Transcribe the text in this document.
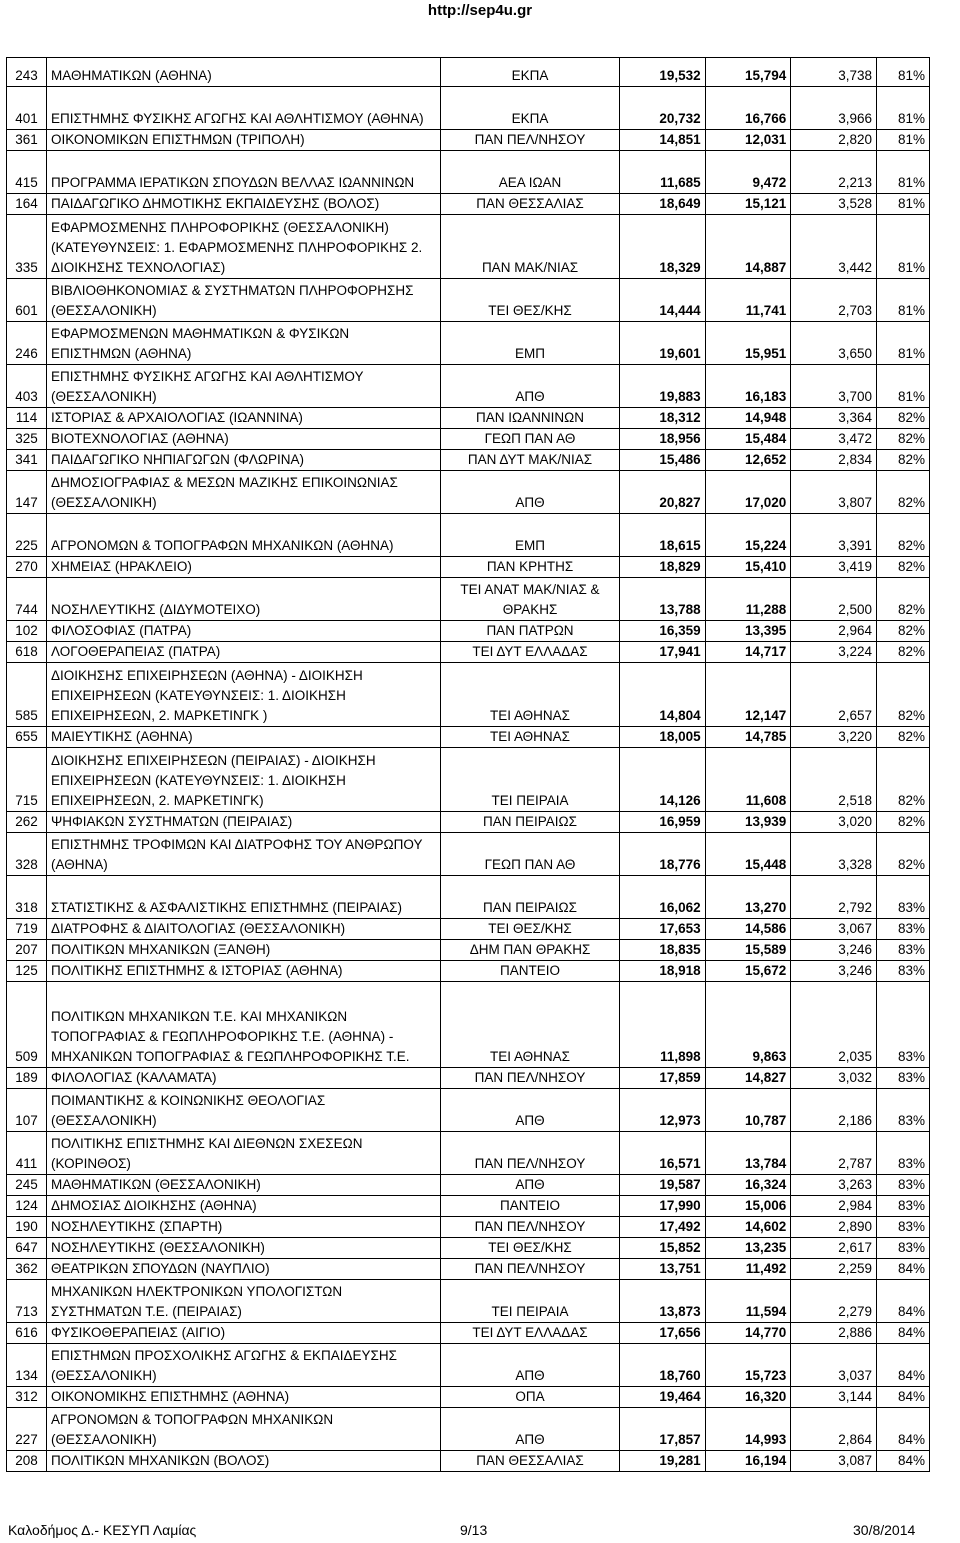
http://sep4u.gr
243	ΜΑΘΗΜΑΤΙΚΩΝ (ΑΘΗΝΑ)	ΕΚΠΑ	19,532	15,794	3,738	81%
401	ΕΠΙΣΤΗΜΗΣ ΦΥΣΙΚΗΣ ΑΓΩΓΗΣ ΚΑΙ ΑΘΛΗΤΙΣΜΟΥ (ΑΘΗΝΑ)	ΕΚΠΑ	20,732	16,766	3,966	81%
361	ΟΙΚΟΝΟΜΙΚΩΝ ΕΠΙΣΤΗΜΩΝ (ΤΡΙΠΟΛΗ)	ΠΑΝ ΠΕΛ/ΝΗΣΟΥ	14,851	12,031	2,820	81%
415	ΠΡΟΓΡΑΜΜΑ ΙΕΡΑΤΙΚΩΝ ΣΠΟΥΔΩΝ ΒΕΛΛΑΣ ΙΩΑΝΝΙΝΩΝ	ΑΕΑ ΙΩΑΝ	11,685	9,472	2,213	81%
164	ΠΑΙΔΑΓΩΓΙΚΟ ΔΗΜΟΤΙΚΗΣ ΕΚΠΑΙΔΕΥΣΗΣ (ΒΟΛΟΣ)	ΠΑΝ ΘΕΣΣΑΛΙΑΣ	18,649	15,121	3,528	81%
335	ΕΦΑΡΜΟΣΜΕΝΗΣ ΠΛΗΡΟΦΟΡΙΚΗΣ (ΘΕΣΣΑΛΟΝΙΚΗ)
(ΚΑΤΕΥΘΥΝΣΕΙΣ: 1. ΕΦΑΡΜΟΣΜΕΝΗΣ ΠΛΗΡΟΦΟΡΙΚΗΣ 2.
ΔΙΟΙΚΗΣΗΣ ΤΕΧΝΟΛΟΓΙΑΣ)	ΠΑΝ ΜΑΚ/ΝΙΑΣ	18,329	14,887	3,442	81%
601	ΒΙΒΛΙΟΘΗΚΟΝΟΜΙΑΣ & ΣΥΣΤΗΜΑΤΩΝ ΠΛΗΡΟΦΟΡΗΣΗΣ
(ΘΕΣΣΑΛΟΝΙΚΗ)	ΤΕΙ ΘΕΣ/ΚΗΣ	14,444	11,741	2,703	81%
246	ΕΦΑΡΜΟΣΜΕΝΩΝ ΜΑΘΗΜΑΤΙΚΩΝ & ΦΥΣΙΚΩΝ
ΕΠΙΣΤΗΜΩΝ (ΑΘΗΝΑ)	ΕΜΠ	19,601	15,951	3,650	81%
403	ΕΠΙΣΤΗΜΗΣ ΦΥΣΙΚΗΣ ΑΓΩΓΗΣ ΚΑΙ ΑΘΛΗΤΙΣΜΟΥ
(ΘΕΣΣΑΛΟΝΙΚΗ)	ΑΠΘ	19,883	16,183	3,700	81%
114	ΙΣΤΟΡΙΑΣ & ΑΡΧΑΙΟΛΟΓΙΑΣ (ΙΩΑΝΝΙΝΑ)	ΠΑΝ ΙΩΑΝΝΙΝΩΝ	18,312	14,948	3,364	82%
325	ΒΙΟΤΕΧΝΟΛΟΓΙΑΣ (ΑΘΗΝΑ)	ΓΕΩΠ ΠΑΝ ΑΘ	18,956	15,484	3,472	82%
341	ΠΑΙΔΑΓΩΓΙΚΟ ΝΗΠΙΑΓΩΓΩΝ (ΦΛΩΡΙΝΑ)	ΠΑΝ ΔΥΤ ΜΑΚ/ΝΙΑΣ	15,486	12,652	2,834	82%
147	ΔΗΜΟΣΙΟΓΡΑΦΙΑΣ & ΜΕΣΩΝ ΜΑΖΙΚΗΣ ΕΠΙΚΟΙΝΩΝΙΑΣ
(ΘΕΣΣΑΛΟΝΙΚΗ)	ΑΠΘ	20,827	17,020	3,807	82%
225	ΑΓΡΟΝΟΜΩΝ & ΤΟΠΟΓΡΑΦΩΝ ΜΗΧΑΝΙΚΩΝ (ΑΘΗΝΑ)	ΕΜΠ	18,615	15,224	3,391	82%
270	ΧΗΜΕΙΑΣ (ΗΡΑΚΛΕΙΟ)	ΠΑΝ ΚΡΗΤΗΣ	18,829	15,410	3,419	82%
744	ΝΟΣΗΛΕΥΤΙΚΗΣ (ΔΙΔΥΜΟΤΕΙΧΟ)	ΤΕΙ ΑΝΑΤ ΜΑΚ/ΝΙΑΣ &
ΘΡΑΚΗΣ	13,788	11,288	2,500	82%
102	ΦΙΛΟΣΟΦΙΑΣ (ΠΑΤΡΑ)	ΠΑΝ ΠΑΤΡΩΝ	16,359	13,395	2,964	82%
618	ΛΟΓΟΘΕΡΑΠΕΙΑΣ (ΠΑΤΡΑ)	ΤΕΙ ΔΥΤ ΕΛΛΑΔΑΣ	17,941	14,717	3,224	82%
585	ΔΙΟΙΚΗΣΗΣ ΕΠΙΧΕΙΡΗΣΕΩΝ (ΑΘΗΝΑ) - ΔΙΟΙΚΗΣΗ
ΕΠΙΧΕΙΡΗΣΕΩΝ (ΚΑΤΕΥΘΥΝΣΕΙΣ: 1. ΔΙΟΙΚΗΣΗ
ΕΠΙΧΕΙΡΗΣΕΩΝ, 2. ΜΑΡΚΕΤΙΝΓΚ )	ΤΕΙ ΑΘΗΝΑΣ	14,804	12,147	2,657	82%
655	ΜΑΙΕΥΤΙΚΗΣ (ΑΘΗΝΑ)	ΤΕΙ ΑΘΗΝΑΣ	18,005	14,785	3,220	82%
715	ΔΙΟΙΚΗΣΗΣ ΕΠΙΧΕΙΡΗΣΕΩΝ (ΠΕΙΡΑΙΑΣ) - ΔΙΟΙΚΗΣΗ
ΕΠΙΧΕΙΡΗΣΕΩΝ (ΚΑΤΕΥΘΥΝΣΕΙΣ: 1. ΔΙΟΙΚΗΣΗ
ΕΠΙΧΕΙΡΗΣΕΩΝ, 2. ΜΑΡΚΕΤΙΝΓΚ)	ΤΕΙ ΠΕΙΡΑΙΑ	14,126	11,608	2,518	82%
262	ΨΗΦΙΑΚΩΝ ΣΥΣΤΗΜΑΤΩΝ (ΠΕΙΡΑΙΑΣ)	ΠΑΝ ΠΕΙΡΑΙΩΣ	16,959	13,939	3,020	82%
328	ΕΠΙΣΤΗΜΗΣ ΤΡΟΦΙΜΩΝ ΚΑΙ ΔΙΑΤΡΟΦΗΣ ΤΟΥ ΑΝΘΡΩΠΟΥ
(ΑΘΗΝΑ)	ΓΕΩΠ ΠΑΝ ΑΘ	18,776	15,448	3,328	82%
318	ΣΤΑΤΙΣΤΙΚΗΣ & ΑΣΦΑΛΙΣΤΙΚΗΣ ΕΠΙΣΤΗΜΗΣ (ΠΕΙΡΑΙΑΣ)	ΠΑΝ ΠΕΙΡΑΙΩΣ	16,062	13,270	2,792	83%
719	ΔΙΑΤΡΟΦΗΣ & ΔΙΑΙΤΟΛΟΓΙΑΣ (ΘΕΣΣΑΛΟΝΙΚΗ)	ΤΕΙ ΘΕΣ/ΚΗΣ	17,653	14,586	3,067	83%
207	ΠΟΛΙΤΙΚΩΝ ΜΗΧΑΝΙΚΩΝ (ΞΑΝΘΗ)	ΔΗΜ ΠΑΝ ΘΡΑΚΗΣ	18,835	15,589	3,246	83%
125	ΠΟΛΙΤΙΚΗΣ ΕΠΙΣΤΗΜΗΣ & ΙΣΤΟΡΙΑΣ (ΑΘΗΝΑ)	ΠΑΝΤΕΙΟ	18,918	15,672	3,246	83%
509	ΠΟΛΙΤΙΚΩΝ ΜΗΧΑΝΙΚΩΝ Τ.Ε. ΚΑΙ ΜΗΧΑΝΙΚΩΝ
ΤΟΠΟΓΡΑΦΙΑΣ & ΓΕΩΠΛΗΡΟΦΟΡΙΚΗΣ Τ.Ε. (ΑΘΗΝΑ) -
ΜΗΧΑΝΙΚΩΝ ΤΟΠΟΓΡΑΦΙΑΣ & ΓΕΩΠΛΗΡΟΦΟΡΙΚΗΣ Τ.Ε.	ΤΕΙ ΑΘΗΝΑΣ	11,898	9,863	2,035	83%
189	ΦΙΛΟΛΟΓΙΑΣ (ΚΑΛΑΜΑΤΑ)	ΠΑΝ ΠΕΛ/ΝΗΣΟΥ	17,859	14,827	3,032	83%
107	ΠΟΙΜΑΝΤΙΚΗΣ & ΚΟΙΝΩΝΙΚΗΣ ΘΕΟΛΟΓΙΑΣ
(ΘΕΣΣΑΛΟΝΙΚΗ)	ΑΠΘ	12,973	10,787	2,186	83%
411	ΠΟΛΙΤΙΚΗΣ ΕΠΙΣΤΗΜΗΣ ΚΑΙ ΔΙΕΘΝΩΝ ΣΧΕΣΕΩΝ
(ΚΟΡΙΝΘΟΣ)	ΠΑΝ ΠΕΛ/ΝΗΣΟΥ	16,571	13,784	2,787	83%
245	ΜΑΘΗΜΑΤΙΚΩΝ (ΘΕΣΣΑΛΟΝΙΚΗ)	ΑΠΘ	19,587	16,324	3,263	83%
124	ΔΗΜΟΣΙΑΣ ΔΙΟΙΚΗΣΗΣ (ΑΘΗΝΑ)	ΠΑΝΤΕΙΟ	17,990	15,006	2,984	83%
190	ΝΟΣΗΛΕΥΤΙΚΗΣ (ΣΠΑΡΤΗ)	ΠΑΝ ΠΕΛ/ΝΗΣΟΥ	17,492	14,602	2,890	83%
647	ΝΟΣΗΛΕΥΤΙΚΗΣ (ΘΕΣΣΑΛΟΝΙΚΗ)	ΤΕΙ ΘΕΣ/ΚΗΣ	15,852	13,235	2,617	83%
362	ΘΕΑΤΡΙΚΩΝ ΣΠΟΥΔΩΝ (ΝΑΥΠΛΙΟ)	ΠΑΝ ΠΕΛ/ΝΗΣΟΥ	13,751	11,492	2,259	84%
713	ΜΗΧΑΝΙΚΩΝ ΗΛΕΚΤΡΟΝΙΚΩΝ ΥΠΟΛΟΓΙΣΤΩΝ
ΣΥΣΤΗΜΑΤΩΝ Τ.Ε. (ΠΕΙΡΑΙΑΣ)	ΤΕΙ ΠΕΙΡΑΙΑ	13,873	11,594	2,279	84%
616	ΦΥΣΙΚΟΘΕΡΑΠΕΙΑΣ (ΑΙΓΙΟ)	ΤΕΙ ΔΥΤ ΕΛΛΑΔΑΣ	17,656	14,770	2,886	84%
134	ΕΠΙΣΤΗΜΩΝ ΠΡΟΣΧΟΛΙΚΗΣ ΑΓΩΓΗΣ & ΕΚΠΑΙΔΕΥΣΗΣ
(ΘΕΣΣΑΛΟΝΙΚΗ)	ΑΠΘ	18,760	15,723	3,037	84%
312	ΟΙΚΟΝΟΜΙΚΗΣ ΕΠΙΣΤΗΜΗΣ (ΑΘΗΝΑ)	ΟΠΑ	19,464	16,320	3,144	84%
227	ΑΓΡΟΝΟΜΩΝ & ΤΟΠΟΓΡΑΦΩΝ ΜΗΧΑΝΙΚΩΝ
(ΘΕΣΣΑΛΟΝΙΚΗ)	ΑΠΘ	17,857	14,993	2,864	84%
208	ΠΟΛΙΤΙΚΩΝ ΜΗΧΑΝΙΚΩΝ (ΒΟΛΟΣ)	ΠΑΝ ΘΕΣΣΑΛΙΑΣ	19,281	16,194	3,087	84%
Καλοδήμος Δ.- ΚΕΣΥΠ Λαμίας	9/13	30/8/2014
